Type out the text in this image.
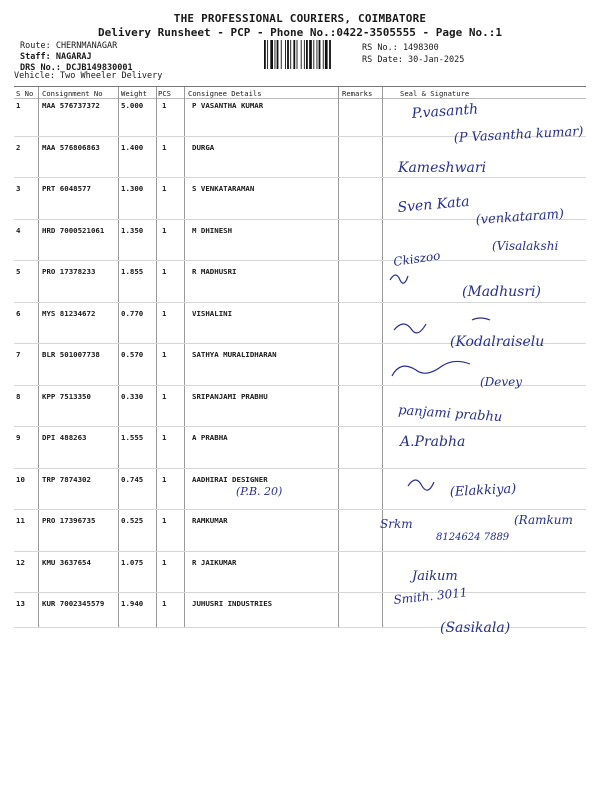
THE PROFESSIONAL COURIERS, COIMBATORE
Delivery Runsheet - PCP - Phone No.:0422-3505555 - Page No.:1
Route: CHERNMANAGAR
Staff: NAGARAJ
DRS No.: DCJB149830001
Vehicle: Two Wheeler Delivery
RS No.: 1498300
RS Date: 30-Jan-2025
S No Consignment No	Weight PCS Consignee Details	Remarks	Seal & Signature
1	MAA 576737372	5.000	1	P VASANTHA KUMAR
2	MAA 576806863	1.400	1	DURGA
3	PRT 6048577	1.300	1	S VENKATARAMAN
4	HRD 7000521061 1.350	1	M DHINESH
5	PRO 17378233	1.855	1	R MADHUSRI
6	MYS 81234672	0.770	1	VISHALINI
7	BLR 501007738	0.570	1	SATHYA MURALIDHARAN
8	KPP 7513350	0.330	1	SRIPANJAMI PRABHU
9	DPI 488263	1.555	1	A PRABHA
10 TRP 7874302	0.745	1	AADHIRAI DESIGNER
11 PRO 17396735	0.525	1	RAMKUMAR
12 KMU 3637654	1.075	1	R JAIKUMAR
13 KUR 7002345579 1.940	1	JUHUSRI INDUSTRIES
(P.B. 20)
P.vasanth
(P Vasantha kumar)
Kameshwari
Sven Kata
(venkataram)
(Visalakshi
Ckiszoo
(Madhusri)
(Kodalraiselu
(Devey
panjami prabhu
A.Prabha
(Elakkiya)
Srkm	(Ramkum
8124624 7889
Jaikum
Smith. 3011
(Sasikala)
